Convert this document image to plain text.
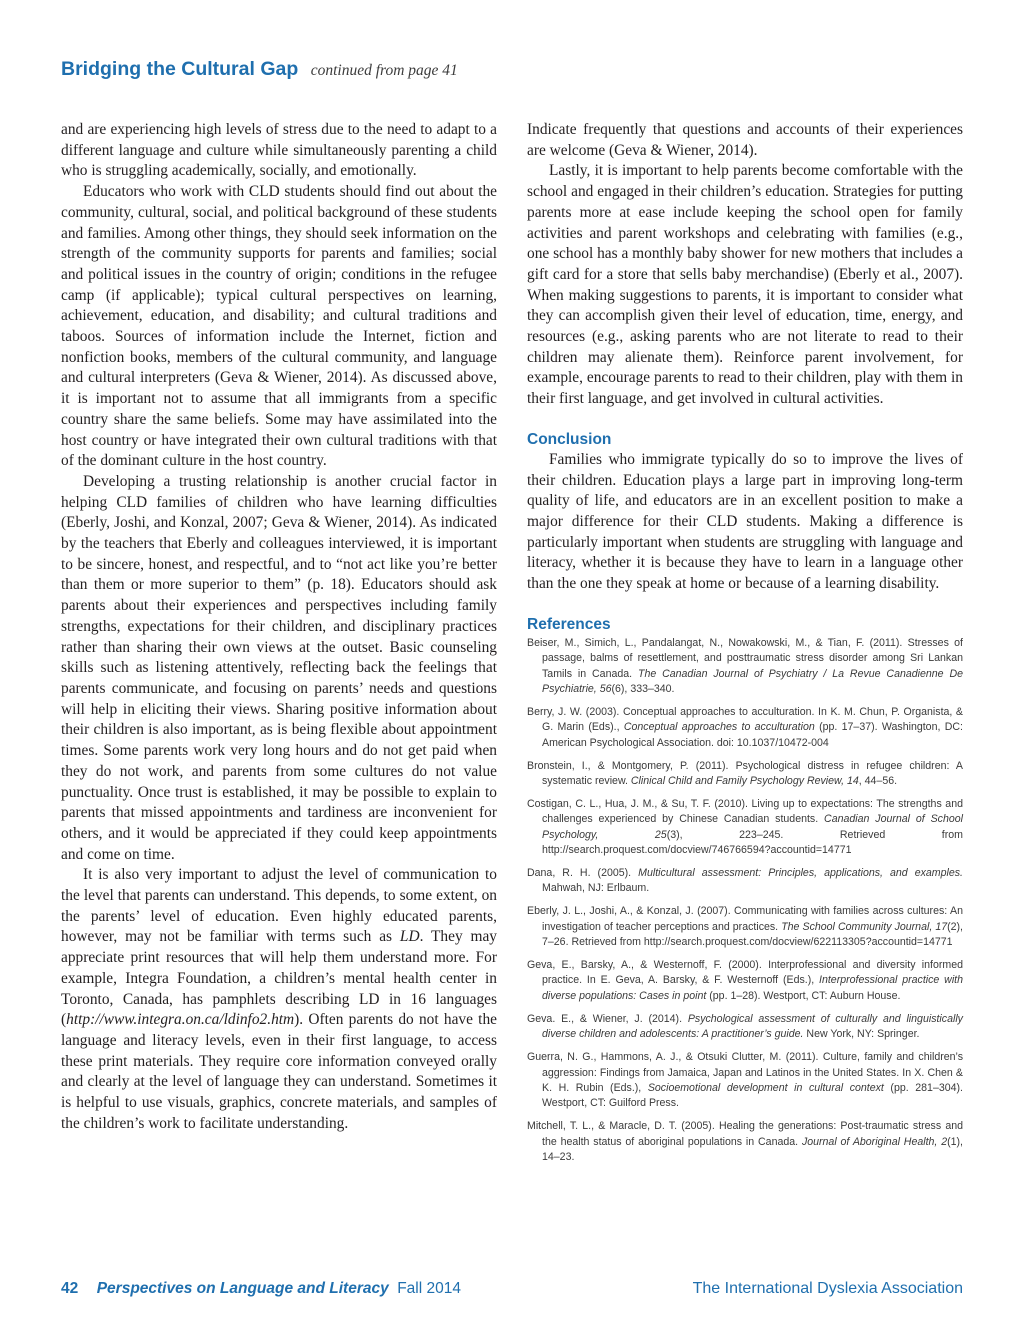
Bridging the Cultural Gap continued from page 41

and are experiencing high levels of stress due to the need to adapt to a different language and culture while simultaneously parenting a child who is struggling academically, socially, and emotionally.

Educators who work with CLD students should find out about the community, cultural, social, and political background of these students and families. Among other things, they should seek information on the strength of the community supports for parents and families; social and political issues in the country of origin; conditions in the refugee camp (if applicable); typical cultural perspectives on learning, achievement, education, and disability; and cultural traditions and taboos. Sources of information include the Internet, fiction and nonfiction books, members of the cultural community, and language and cultural interpreters (Geva & Wiener, 2014). As discussed above, it is important not to assume that all immigrants from a specific country share the same beliefs. Some may have assimilated into the host country or have integrated their own cultural traditions with that of the dominant culture in the host country.

Developing a trusting relationship is another crucial factor in helping CLD families of children who have learning difficulties (Eberly, Joshi, and Konzal, 2007; Geva & Wiener, 2014). As indicated by the teachers that Eberly and colleagues interviewed, it is important to be sincere, honest, and respectful, and to “not act like you’re better than them or more superior to them” (p. 18). Educators should ask parents about their experiences and perspectives including family strengths, expectations for their children, and disciplinary practices rather than sharing their own views at the outset. Basic counseling skills such as listening attentively, reflecting back the feelings that parents communicate, and focusing on parents’ needs and questions will help in eliciting their views. Sharing positive information about their children is also important, as is being flexible about appointment times. Some parents work very long hours and do not get paid when they do not work, and parents from some cultures do not value punctuality. Once trust is established, it may be possible to explain to parents that missed appointments and tardiness are inconvenient for others, and it would be appreciated if they could keep appointments and come on time.

It is also very important to adjust the level of communication to the level that parents can understand. This depends, to some extent, on the parents’ level of education. Even highly educated parents, however, may not be familiar with terms such as LD. They may appreciate print resources that will help them understand more. For example, Integra Foundation, a children’s mental health center in Toronto, Canada, has pamphlets describing LD in 16 languages (http://www.integra.on.ca/ldinfo2.htm). Often parents do not have the language and literacy levels, even in their first language, to access these print materials. They require core information conveyed orally and clearly at the level of language they can understand. Sometimes it is helpful to use visuals, graphics, concrete materials, and samples of the children’s work to facilitate understanding.

Indicate frequently that questions and accounts of their experiences are welcome (Geva & Wiener, 2014).

Lastly, it is important to help parents become comfortable with the school and engaged in their children’s education. Strategies for putting parents more at ease include keeping the school open for family activities and parent workshops and celebrating with families (e.g., one school has a monthly baby shower for new mothers that includes a gift card for a store that sells baby merchandise) (Eberly et al., 2007). When making suggestions to parents, it is important to consider what they can accomplish given their level of education, time, energy, and resources (e.g., asking parents who are not literate to read to their children may alienate them). Reinforce parent involvement, for example, encourage parents to read to their children, play with them in their first language, and get involved in cultural activities.

Conclusion

Families who immigrate typically do so to improve the lives of their children. Education plays a large part in improving long-term quality of life, and educators are in an excellent position to make a major difference for their CLD students. Making a difference is particularly important when students are struggling with language and literacy, whether it is because they have to learn in a language other than the one they speak at home or because of a learning disability.

References
Beiser, M., Simich, L., Pandalangat, N., Nowakowski, M., & Tian, F. (2011). Stresses of passage, balms of resettlement, and posttraumatic stress disorder among Sri Lankan Tamils in Canada. The Canadian Journal of Psychiatry / La Revue Canadienne De Psychiatrie, 56(6), 333–340.
Berry, J. W. (2003). Conceptual approaches to acculturation. In K. M. Chun, P. Organista, & G. Marin (Eds)., Conceptual approaches to acculturation (pp. 17–37). Washington, DC: American Psychological Association. doi: 10.1037/10472-004
Bronstein, I., & Montgomery, P. (2011). Psychological distress in refugee children: A systematic review. Clinical Child and Family Psychology Review, 14, 44–56.
Costigan, C. L., Hua, J. M., & Su, T. F. (2010). Living up to expectations: The strengths and challenges experienced by Chinese Canadian students. Canadian Journal of School Psychology, 25(3), 223–245. Retrieved from http://search.proquest.com/docview/746766594?accountid=14771
Dana, R. H. (2005). Multicultural assessment: Principles, applications, and examples. Mahwah, NJ: Erlbaum.
Eberly, J. L., Joshi, A., & Konzal, J. (2007). Communicating with families across cultures: An investigation of teacher perceptions and practices. The School Community Journal, 17(2), 7–26. Retrieved from http://search.proquest.com/docview/622113305?accountid=14771
Geva, E., Barsky, A., & Westernoff, F. (2000). Interprofessional and diversity informed practice. In E. Geva, A. Barsky, & F. Westernoff (Eds.), Interprofessional practice with diverse populations: Cases in point (pp. 1–28). Westport, CT: Auburn House.
Geva. E., & Wiener, J. (2014). Psychological assessment of culturally and linguistically diverse children and adolescents: A practitioner’s guide. New York, NY: Springer.
Guerra, N. G., Hammons, A. J., & Otsuki Clutter, M. (2011). Culture, family and children’s aggression: Findings from Jamaica, Japan and Latinos in the United States. In X. Chen & K. H. Rubin (Eds.), Socioemotional development in cultural context (pp. 281–304). Westport, CT: Guilford Press.
Mitchell, T. L., & Maracle, D. T. (2005). Healing the generations: Post-traumatic stress and the health status of aboriginal populations in Canada. Journal of Aboriginal Health, 2(1), 14–23.
42 Perspectives on Language and Literacy Fall 2014	The International Dyslexia Association
